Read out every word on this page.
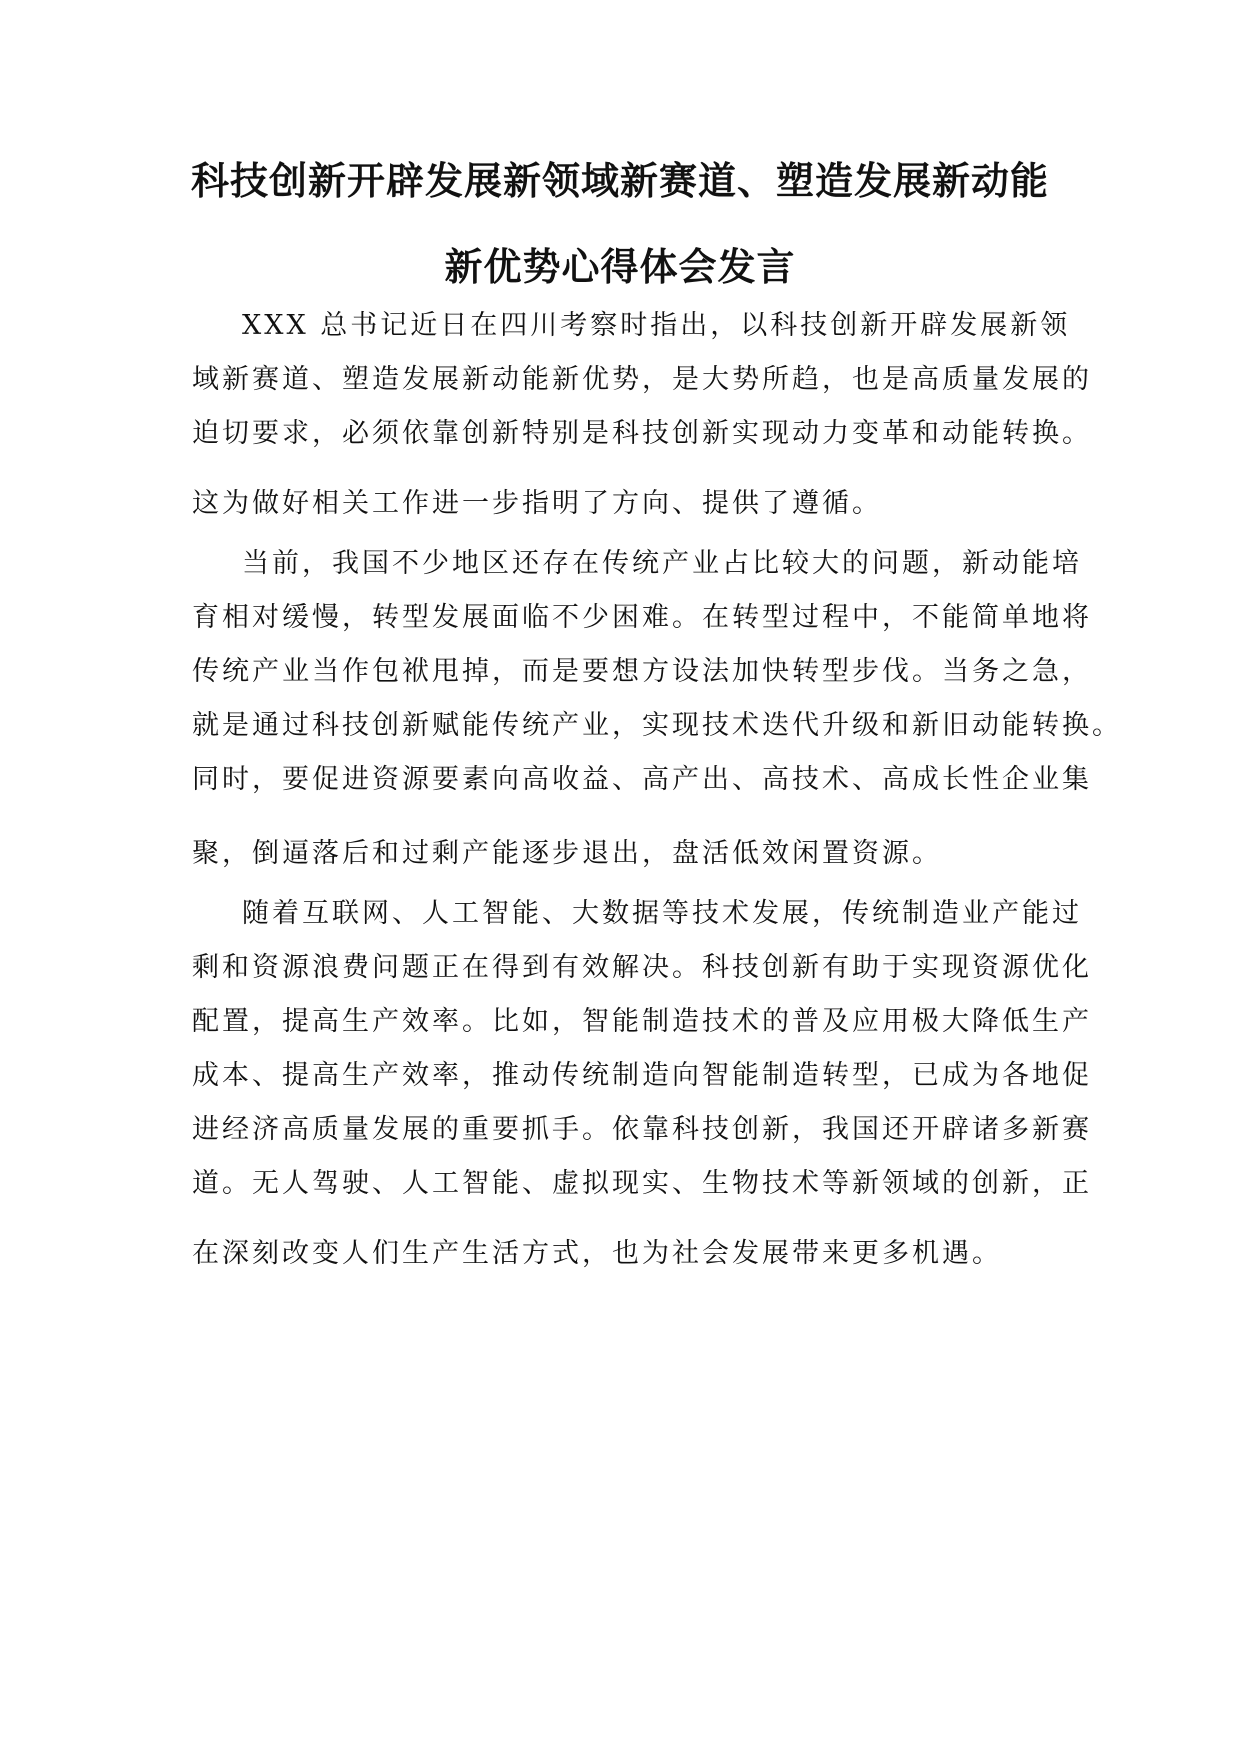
科技创新开辟发展新领域新赛道、塑造发展新动能
新优势心得体会发言
XXX 总书记近日在四川考察时指出，以科技创新开辟发展新领
域新赛道、塑造发展新动能新优势，是大势所趋，也是高质量发展的
迫切要求，必须依靠创新特别是科技创新实现动力变革和动能转换。
这为做好相关工作进一步指明了方向、提供了遵循。
当前，我国不少地区还存在传统产业占比较大的问题，新动能培
育相对缓慢，转型发展面临不少困难。在转型过程中，不能简单地将
传统产业当作包袱甩掉，而是要想方设法加快转型步伐。当务之急，
就是通过科技创新赋能传统产业，实现技术迭代升级和新旧动能转换。
同时，要促进资源要素向高收益、高产出、高技术、高成长性企业集
聚，倒逼落后和过剩产能逐步退出，盘活低效闲置资源。
随着互联网、人工智能、大数据等技术发展，传统制造业产能过
剩和资源浪费问题正在得到有效解决。科技创新有助于实现资源优化
配置，提高生产效率。比如，智能制造技术的普及应用极大降低生产
成本、提高生产效率，推动传统制造向智能制造转型，已成为各地促
进经济高质量发展的重要抓手。依靠科技创新，我国还开辟诸多新赛
道。无人驾驶、人工智能、虚拟现实、生物技术等新领域的创新，正
在深刻改变人们生产生活方式，也为社会发展带来更多机遇。
